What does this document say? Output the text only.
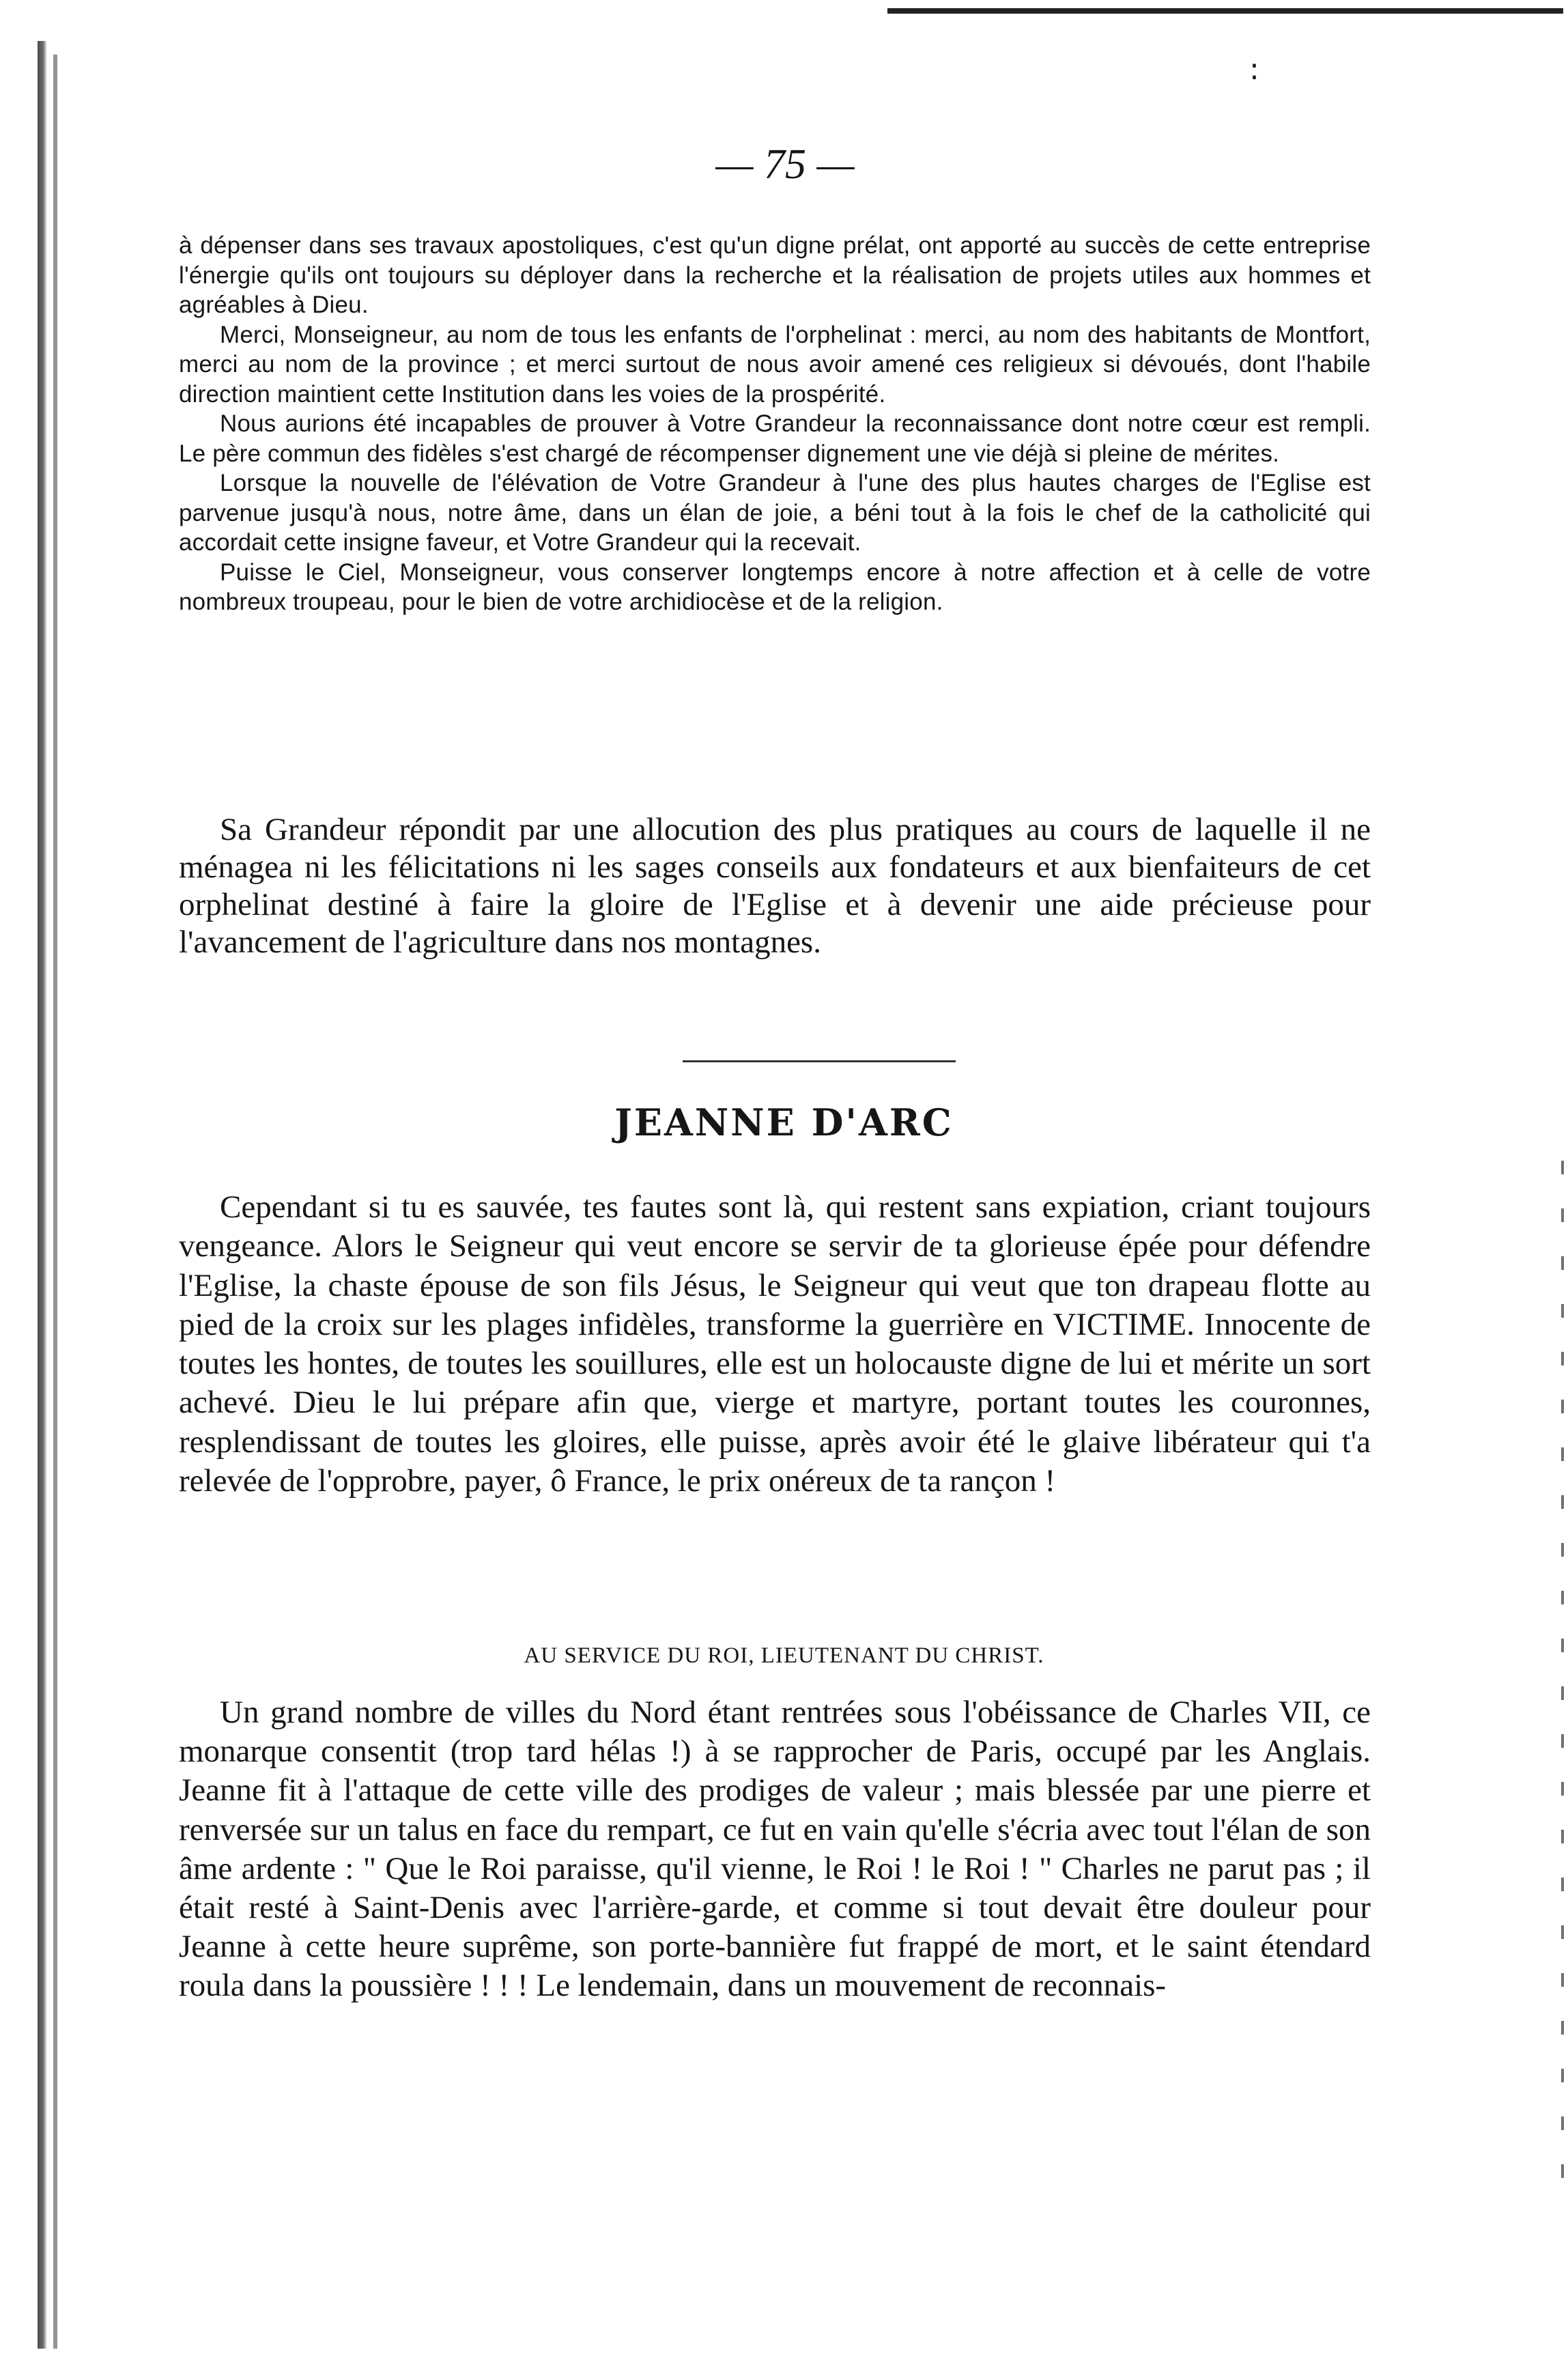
:
— 75 —

à dépenser dans ses travaux apostoliques, c'est qu'un digne prélat, ont apporté au succès de cette entreprise l'énergie qu'ils ont toujours su déployer dans la recherche et la réalisation de projets utiles aux hommes et agréables à Dieu.

Merci, Monseigneur, au nom de tous les enfants de l'orphelinat : merci, au nom des habitants de Montfort, merci au nom de la province ; et merci surtout de nous avoir amené ces religieux si dévoués, dont l'habile direction maintient cette Institution dans les voies de la prospérité.

Nous aurions été incapables de prouver à Votre Grandeur la reconnaissance dont notre cœur est rempli. Le père commun des fidèles s'est chargé de récompenser dignement une vie déjà si pleine de mérites.

Lorsque la nouvelle de l'élévation de Votre Grandeur à l'une des plus hautes charges de l'Eglise est parvenue jusqu'à nous, notre âme, dans un élan de joie, a béni tout à la fois le chef de la catholicité qui accordait cette insigne faveur, et Votre Grandeur qui la recevait.

Puisse le Ciel, Monseigneur, vous conserver longtemps encore à notre affection et à celle de votre nombreux troupeau, pour le bien de votre archidiocèse et de la religion.

Sa Grandeur répondit par une allocution des plus pratiques au cours de laquelle il ne ménagea ni les félicitations ni les sages conseils aux fondateurs et aux bienfaiteurs de cet orphelinat destiné à faire la gloire de l'Eglise et à devenir une aide précieuse pour l'avancement de l'agriculture dans nos montagnes.

JEANNE D'ARC

Cependant si tu es sauvée, tes fautes sont là, qui restent sans expiation, criant toujours vengeance. Alors le Seigneur qui veut encore se servir de ta glorieuse épée pour défendre l'Eglise, la chaste épouse de son fils Jésus, le Seigneur qui veut que ton drapeau flotte au pied de la croix sur les plages infidèles, transforme la guerrière en VICTIME. Innocente de toutes les hontes, de toutes les souillures, elle est un holocauste digne de lui et mérite un sort achevé. Dieu le lui prépare afin que, vierge et martyre, portant toutes les couronnes, resplendissant de toutes les gloires, elle puisse, après avoir été le glaive libérateur qui t'a relevée de l'opprobre, payer, ô France, le prix onéreux de ta rançon !

AU SERVICE DU ROI, LIEUTENANT DU CHRIST.

Un grand nombre de villes du Nord étant rentrées sous l'obéissance de Charles VII, ce monarque consentit (trop tard hélas !) à se rapprocher de Paris, occupé par les Anglais. Jeanne fit à l'attaque de cette ville des prodiges de valeur ; mais blessée par une pierre et renversée sur un talus en face du rempart, ce fut en vain qu'elle s'écria avec tout l'élan de son âme ardente : " Que le Roi paraisse, qu'il vienne, le Roi ! le Roi ! " Charles ne parut pas ; il était resté à Saint-Denis avec l'arrière-garde, et comme si tout devait être douleur pour Jeanne à cette heure suprême, son porte-bannière fut frappé de mort, et le saint étendard roula dans la poussière ! ! ! Le lendemain, dans un mouvement de reconnais-
